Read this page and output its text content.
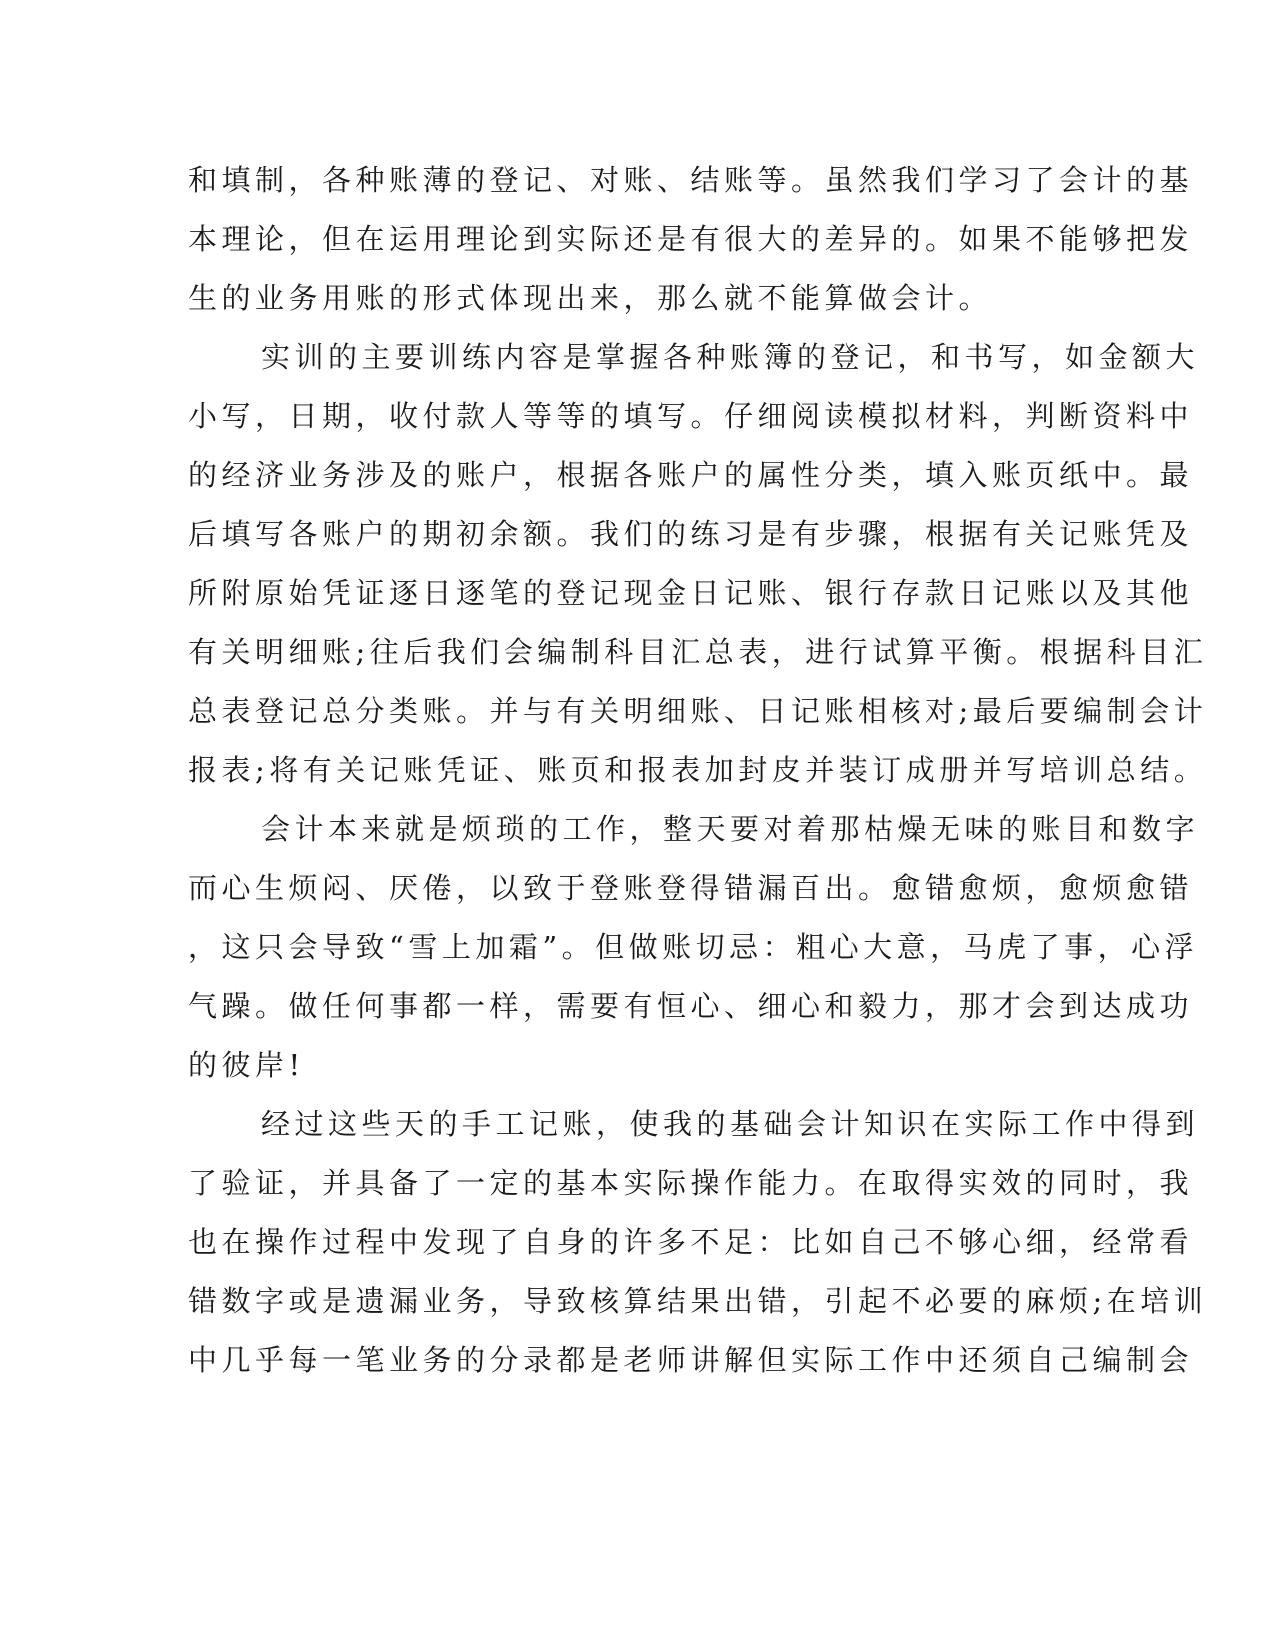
和填制，各种账薄的登记、对账、结账等。虽然我们学习了会计的基
本理论，但在运用理论到实际还是有很大的差异的。如果不能够把发
生的业务用账的形式体现出来，那么就不能算做会计。
实训的主要训练内容是掌握各种账簿的登记，和书写，如金额大
小写，日期，收付款人等等的填写。仔细阅读模拟材料，判断资料中
的经济业务涉及的账户，根据各账户的属性分类，填入账页纸中。最
后填写各账户的期初余额。我们的练习是有步骤，根据有关记账凭及
所附原始凭证逐日逐笔的登记现金日记账、银行存款日记账以及其他
有关明细账;往后我们会编制科目汇总表，进行试算平衡。根据科目汇
总表登记总分类账。并与有关明细账、日记账相核对;最后要编制会计
报表;将有关记账凭证、账页和报表加封皮并装订成册并写培训总结。
会计本来就是烦琐的工作，整天要对着那枯燥无味的账目和数字
而心生烦闷、厌倦，以致于登账登得错漏百出。愈错愈烦，愈烦愈错
，这只会导致“雪上加霜”。但做账切忌：粗心大意，马虎了事，心浮
气躁。做任何事都一样，需要有恒心、细心和毅力，那才会到达成功
的彼岸!
经过这些天的手工记账，使我的基础会计知识在实际工作中得到
了验证，并具备了一定的基本实际操作能力。在取得实效的同时，我
也在操作过程中发现了自身的许多不足：比如自己不够心细，经常看
错数字或是遗漏业务，导致核算结果出错，引起不必要的麻烦;在培训
中几乎每一笔业务的分录都是老师讲解但实际工作中还须自己编制会
